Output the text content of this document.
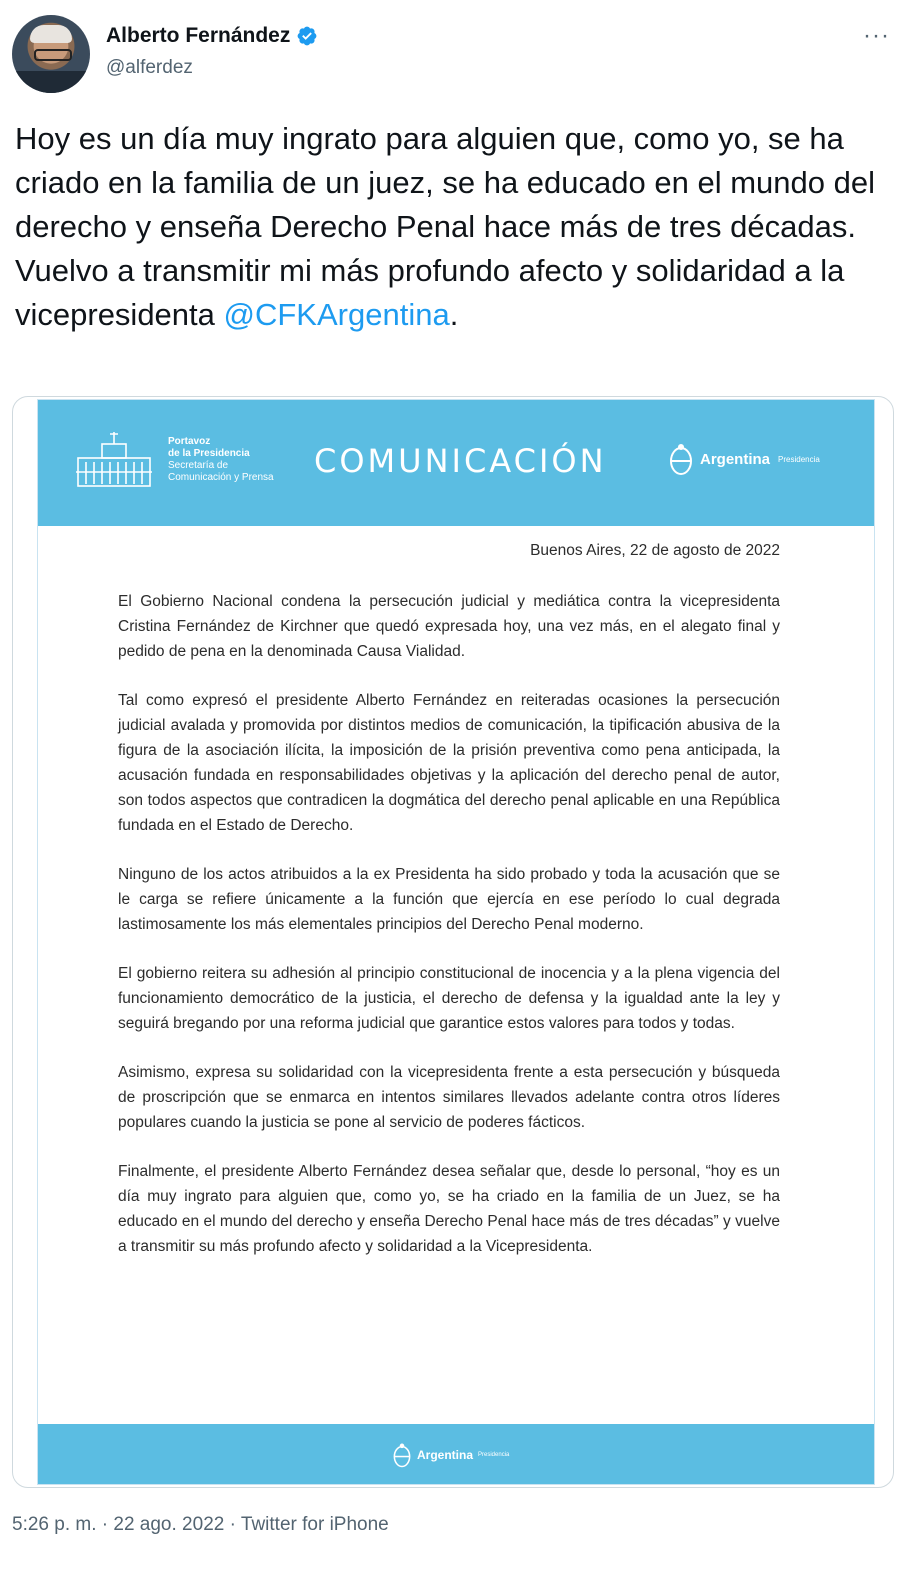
Alberto Fernández
@alferdez
···
Hoy es un día muy ingrato para alguien que, como yo, se ha criado en la familia de un juez, se ha educado en el mundo del derecho y enseña Derecho Penal hace más de tres décadas. Vuelvo a transmitir mi más profundo afecto y solidaridad a la vicepresidenta @CFKArgentina.
Portavoz
de la Presidencia
Secretaría de
Comunicación y Prensa	COMUNICACIÓN	Argentina Presidencia
Buenos Aires, 22 de agosto de 2022

El Gobierno Nacional condena la persecución judicial y mediática contra la vicepresidenta Cristina Fernández de Kirchner que quedó expresada hoy, una vez más, en el alegato final y pedido de pena en la denominada Causa Vialidad.

Tal como expresó el presidente Alberto Fernández en reiteradas ocasiones la persecución judicial avalada y promovida por distintos medios de comunicación, la tipificación abusiva de la figura de la asociación ilícita, la imposición de la prisión preventiva como pena anticipada, la acusación fundada en responsabilidades objetivas y la aplicación del derecho penal de autor, son todos aspectos que contradicen la dogmática del derecho penal aplicable en una República fundada en el Estado de Derecho.

Ninguno de los actos atribuidos a la ex Presidenta ha sido probado y toda la acusación que se le carga se refiere únicamente a la función que ejercía en ese período lo cual degrada lastimosamente los más elementales principios del Derecho Penal moderno.

El gobierno reitera su adhesión al principio constitucional de inocencia y a la plena vigencia del funcionamiento democrático de la justicia, el derecho de defensa y la igualdad ante la ley y seguirá bregando por una reforma judicial que garantice estos valores para todos y todas.

Asimismo, expresa su solidaridad con la vicepresidenta frente a esta persecución y búsqueda de proscripción que se enmarca en intentos similares llevados adelante contra otros líderes populares cuando la justicia se pone al servicio de poderes fácticos.

Finalmente, el presidente Alberto Fernández desea señalar que, desde lo personal, “hoy es un día muy ingrato para alguien que, como yo, se ha criado en la familia de un Juez, se ha educado en el mundo del derecho y enseña Derecho Penal hace más de tres décadas” y vuelve a transmitir su más profundo afecto y solidaridad a la Vicepresidenta.

Argentina Presidencia
5:26 p. m. · 22 ago. 2022 · Twitter for iPhone
